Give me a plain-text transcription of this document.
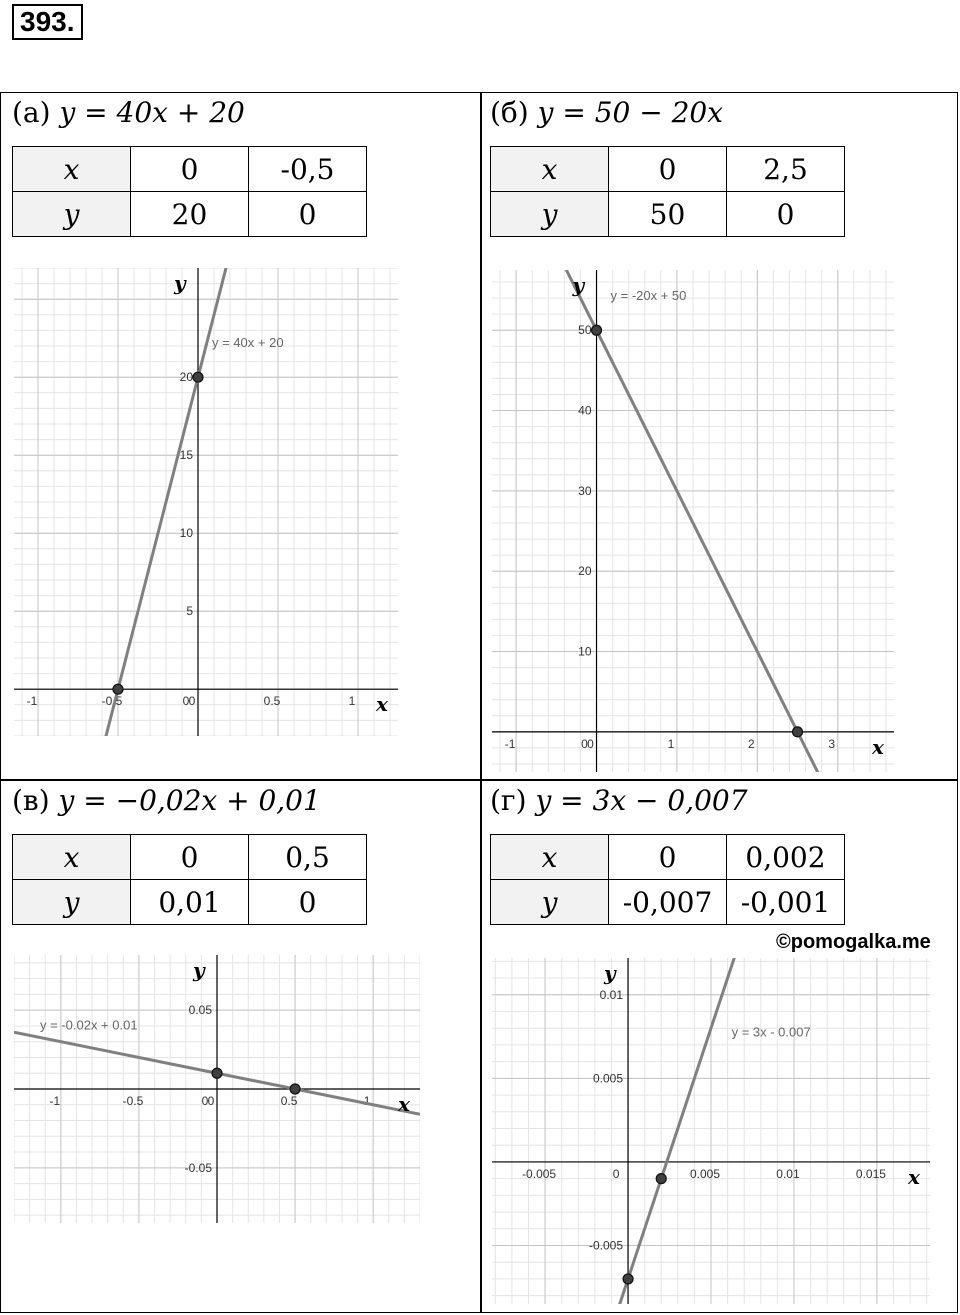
393.
(а) y = 40x + 20
x	0	-0,5
y	20	0
-1	-0.5	0	0.5	1
0
5
10
15
20
y = 40x + 20
x
y
(б) y = 50 − 20x
x	0	2,5
y	50	0
-1	0	1	2	3
0
10
20
30
40
50
y = -20x + 50
x
y
(в) y = −0,02x + 0,01
x	0	0,5
y	0,01	0
-1	-0.5	0	0.5	1
0
0.05
-0.05
y = -0.02x + 0.01
x
y
(г) y = 3x − 0,007
x	0	0,002
y	-0,007	-0,001
©pomogalka.me
-0.005	0.005	0.01	0.015
0
-0.005
0.005
0.01
y = 3x - 0.007
x
y
